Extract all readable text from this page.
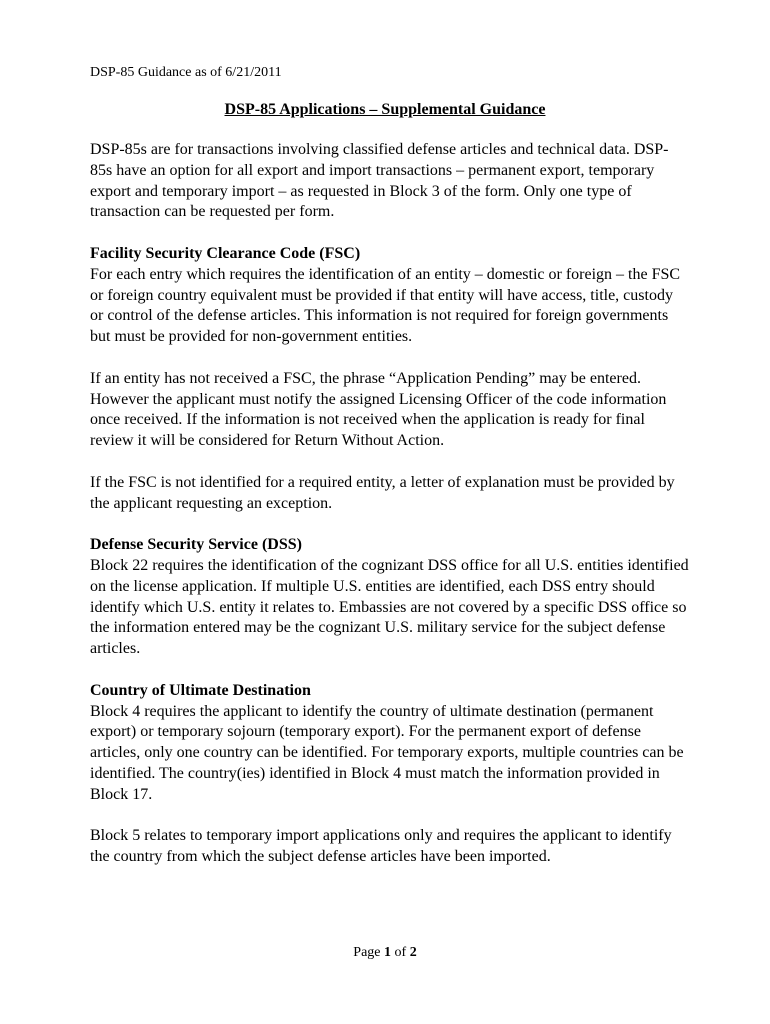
DSP-85 Guidance as of 6/21/2011
DSP-85 Applications – Supplemental Guidance

DSP-85s are for transactions involving classified defense articles and technical data. DSP-85s have an option for all export and import transactions – permanent export, temporary export and temporary import – as requested in Block 3 of the form. Only one type of transaction can be requested per form.

Facility Security Clearance Code (FSC)
For each entry which requires the identification of an entity – domestic or foreign – the FSC or foreign country equivalent must be provided if that entity will have access, title, custody or control of the defense articles. This information is not required for foreign governments but must be provided for non-government entities.

If an entity has not received a FSC, the phrase “Application Pending” may be entered. However the applicant must notify the assigned Licensing Officer of the code information once received. If the information is not received when the application is ready for final review it will be considered for Return Without Action.

If the FSC is not identified for a required entity, a letter of explanation must be provided by the applicant requesting an exception.

Defense Security Service (DSS)
Block 22 requires the identification of the cognizant DSS office for all U.S. entities identified on the license application. If multiple U.S. entities are identified, each DSS entry should identify which U.S. entity it relates to. Embassies are not covered by a specific DSS office so the information entered may be the cognizant U.S. military service for the subject defense articles.

Country of Ultimate Destination
Block 4 requires the applicant to identify the country of ultimate destination (permanent export) or temporary sojourn (temporary export). For the permanent export of defense articles, only one country can be identified. For temporary exports, multiple countries can be identified. The country(ies) identified in Block 4 must match the information provided in Block 17.

Block 5 relates to temporary import applications only and requires the applicant to identify the country from which the subject defense articles have been imported.

Page 1 of 2
